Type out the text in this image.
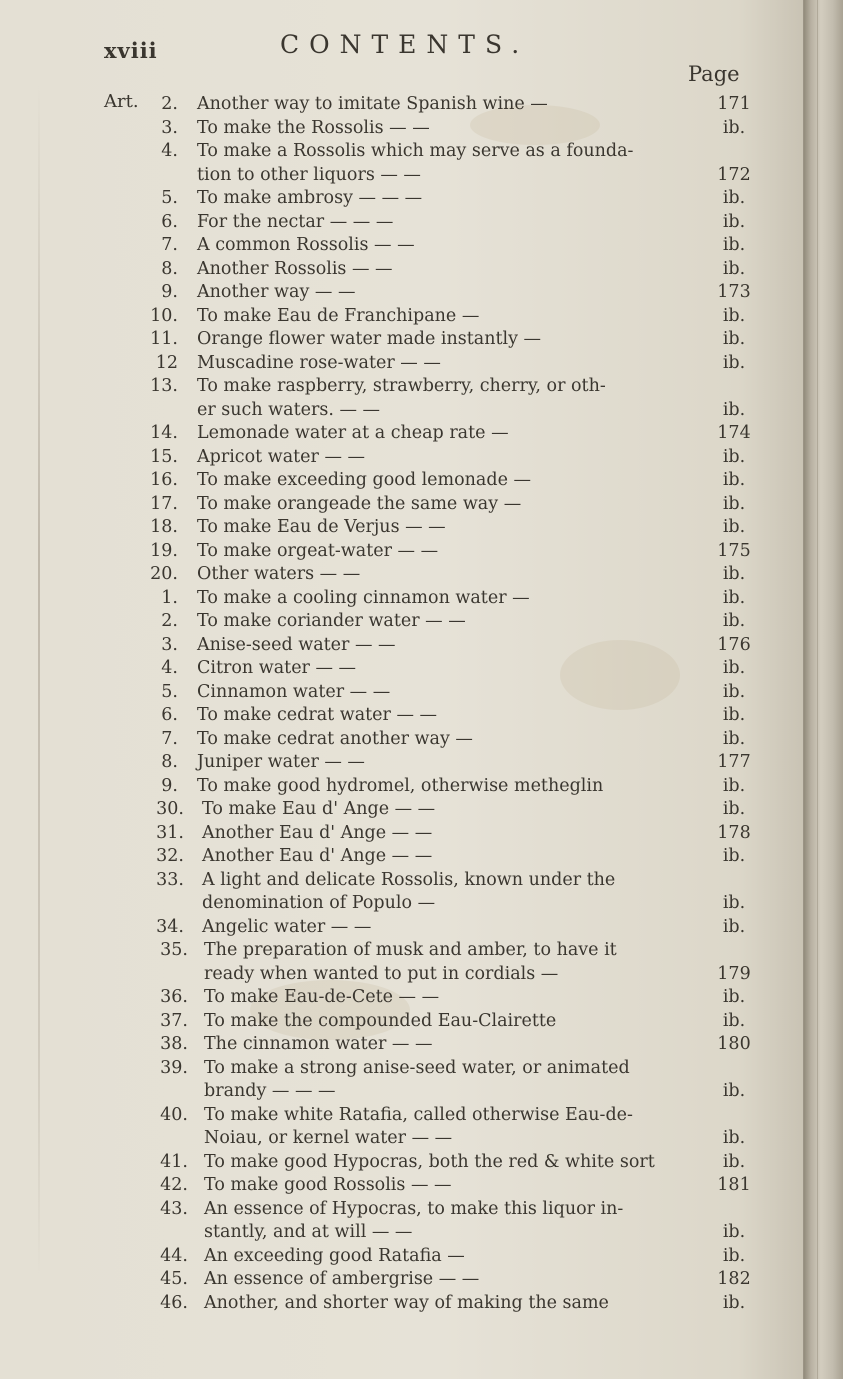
xviii	CONTENTS.
Page
Art.	2. Another way to imitate Spanish wine —	171
3. To make the Rossolis — —	ib.
4. To make a Rossolis which may serve as a founda-
tion to other liquors — —	172
5. To make ambrosy — — —	ib.
6. For the nectar — — —	ib.
7. A common Rossolis — —	ib.
8. Another Rossolis — —	ib.
9. Another way — —	173
10. To make Eau de Franchipane —	ib.
11. Orange flower water made instantly —	ib.
12 Muscadine rose-water — —	ib.
13. To make raspberry, strawberry, cherry, or oth-
er such waters. — —	ib.
14. Lemonade water at a cheap rate —	174
15. Apricot water — —	ib.
16. To make exceeding good lemonade —	ib.
17. To make orangeade the same way —	ib.
18. To make Eau de Verjus — —	ib.
19. To make orgeat-water — —	175
20. Other waters — —	ib.
1. To make a cooling cinnamon water —	ib.
2. To make coriander water — —	ib.
3. Anise-seed water — —	176
4. Citron water — —	ib.
5. Cinnamon water — —	ib.
6. To make cedrat water — —	ib.
7. To make cedrat another way —	ib.
8. Juniper water — —	177
9. To make good hydromel, otherwise metheglin	ib.
30. To make Eau d' Ange — —	ib.
31. Another Eau d' Ange — —	178
32. Another Eau d' Ange — —	ib.
33. A light and delicate Rossolis, known under the
denomination of Populo —	ib.
34. Angelic water — —	ib.
35. The preparation of musk and amber, to have it
ready when wanted to put in cordials —	179
36. To make Eau-de-Cete — —	ib.
37. To make the compounded Eau-Clairette	ib.
38. The cinnamon water — —	180
39. To make a strong anise-seed water, or animated
brandy — — —	ib.
40. To make white Ratafia, called otherwise Eau-de-
Noiau, or kernel water — —	ib.
41. To make good Hypocras, both the red & white sort	ib.
42. To make good Rossolis — —	181
43. An essence of Hypocras, to make this liquor in-
stantly, and at will — —	ib.
44. An exceeding good Ratafia —	ib.
45. An essence of ambergrise — —	182
46. Another, and shorter way of making the same	ib.
